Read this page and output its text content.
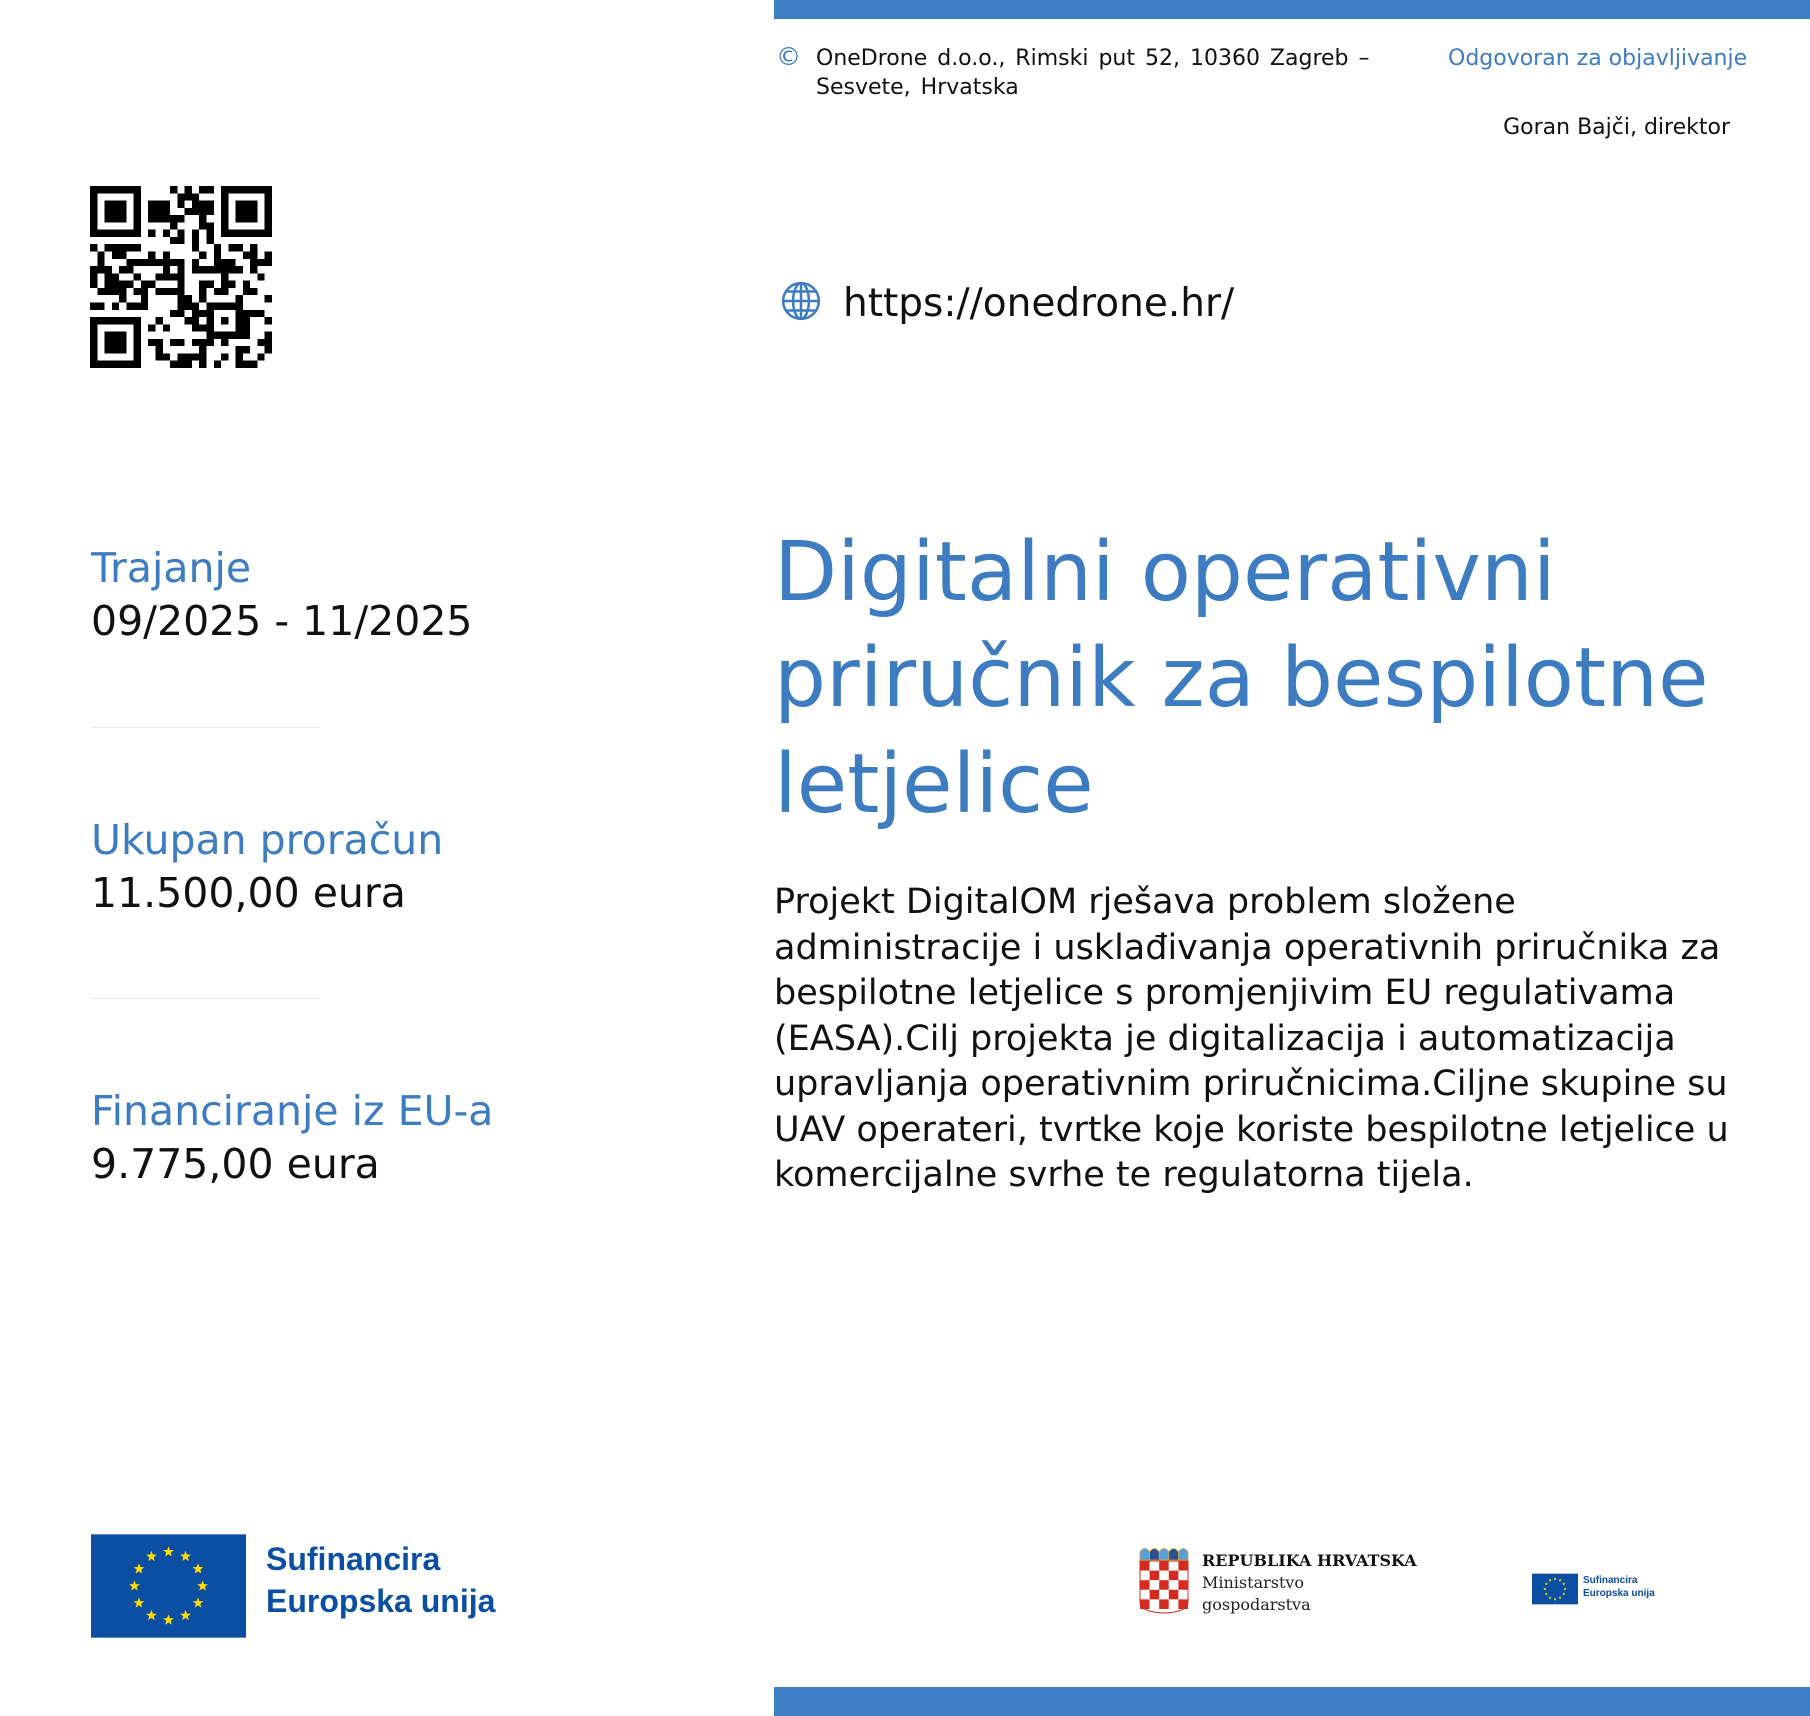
© OneDrone d.o.o., Rimski put 52, 10360 Zagreb – Sesvete, Hrvatska
Odgovoran za objavljivanje
Goran Bajči, direktor
https://onedrone.hr/
Trajanje
09/2025 - 11/2025
Ukupan proračun
11.500,00 eura
Financiranje iz EU-a
9.775,00 eura
Digitalni operativni priručnik za bespilotne letjelice
Projekt DigitalOM rješava problem složene administracije i usklađivanja operativnih priručnika za bespilotne letjelice s promjenjivim EU regulativama (EASA).Cilj projekta je digitalizacija i automatizacija upravljanja operativnim priručnicima.Ciljne skupine su UAV operateri, tvrtke koje koriste bespilotne letjelice u komercijalne svrhe te regulatorna tijela.
Sufinancira
Europska unija
REPUBLIKA HRVATSKA
Ministarstvo gospodarstva
Sufinancira
Europska unija
